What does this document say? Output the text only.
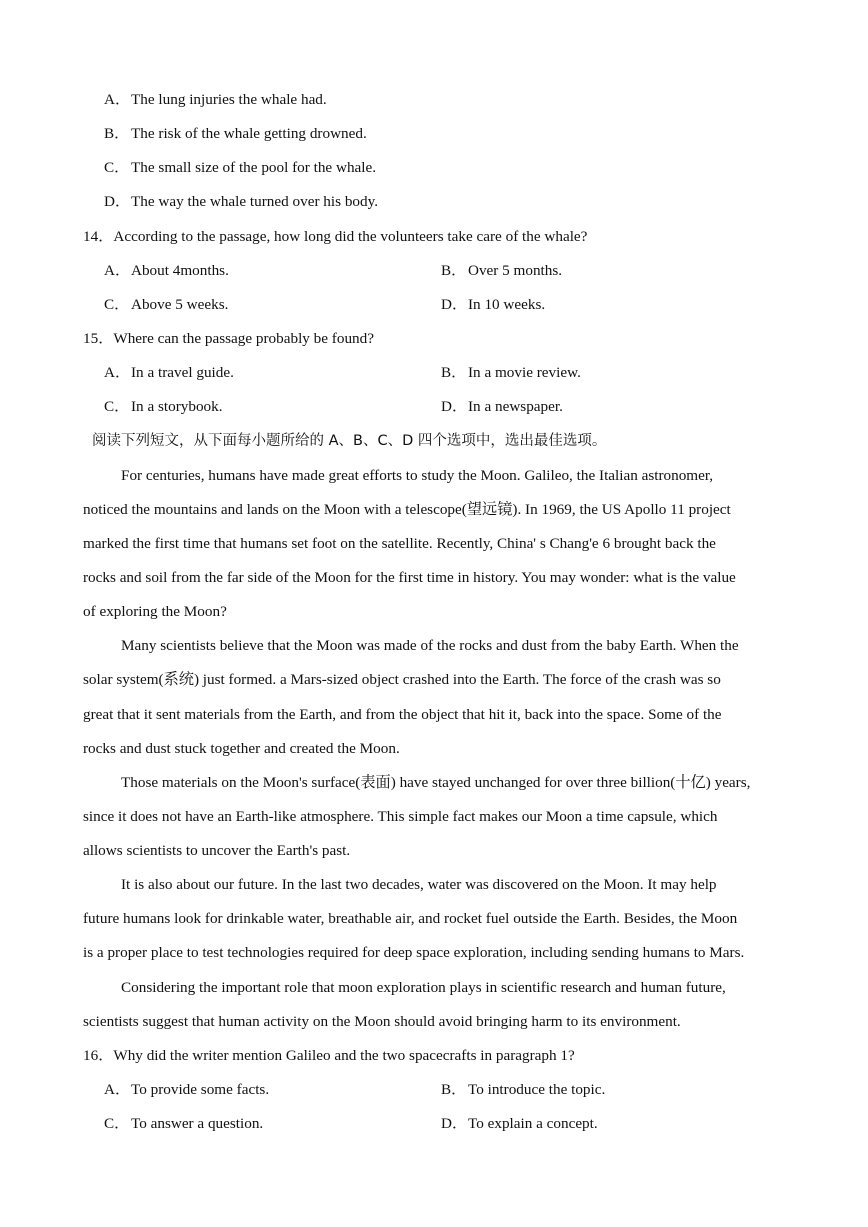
A．The lung injuries the whale had.
B． The risk of the whale getting drowned.
C． The small size of the pool for the whale.
D．The way the whale turned over his body.
14．According to the passage, how long did the volunteers take care of the whale?
A．About 4months.	B． Over 5 months.
C． Above 5 weeks.	D．In 10 weeks.
15．Where can the passage probably be found?
A．In a travel guide.	B． In a movie review.
C． In a storybook.	D．In a newspaper.
阅读下列短文，从下面每小题所给的 A、B、C、D 四个选项中，选出最佳选项。
For centuries, humans have made great efforts to study the Moon. Galileo, the Italian astronomer,
noticed the mountains and lands on the Moon with a telescope(望远镜). In 1969, the US Apollo 11 project
marked the first time that humans set foot on the satellite. Recently, China' s Chang'e 6 brought back the
rocks and soil from the far side of the Moon for the first time in history. You may wonder: what is the value
of exploring the Moon?
Many scientists believe that the Moon was made of the rocks and dust from the baby Earth. When the
solar system(系统) just formed. a Mars-sized object crashed into the Earth. The force of the crash was so
great that it sent materials from the Earth, and from the object that hit it, back into the space. Some of the
rocks and dust stuck together and created the Moon.
Those materials on the Moon's surface(表面) have stayed unchanged for over three billion(十亿) years,
since it does not have an Earth-like atmosphere. This simple fact makes our Moon a time capsule, which
allows scientists to uncover the Earth's past.
It is also about our future. In the last two decades, water was discovered on the Moon. It may help
future humans look for drinkable water, breathable air, and rocket fuel outside the Earth. Besides, the Moon
is a proper place to test technologies required for deep space exploration, including sending humans to Mars.
Considering the important role that moon exploration plays in scientific research and human future,
scientists suggest that human activity on the Moon should avoid bringing harm to its environment.
16．Why did the writer mention Galileo and the two spacecrafts in paragraph 1?
A．To provide some facts.	B． To introduce the topic.
C． To answer a question.	D．To explain a concept.
